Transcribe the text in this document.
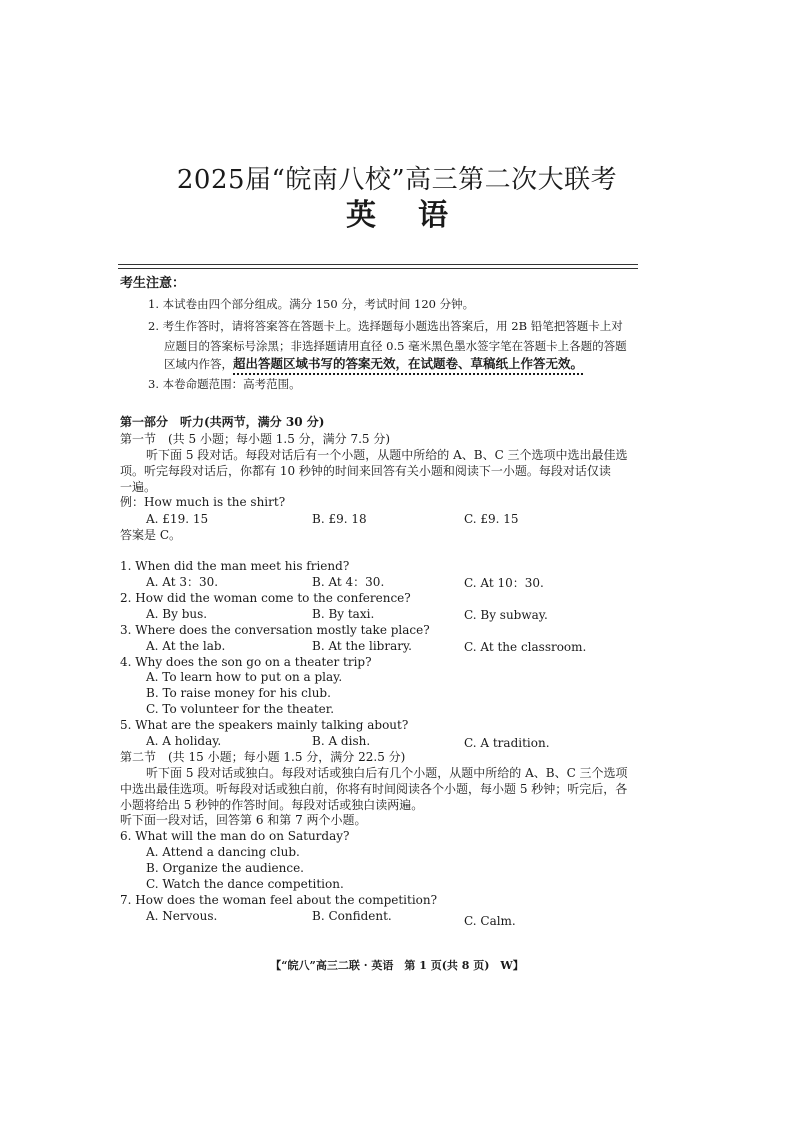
2025届“皖南八校”高三第二次大联考
英语
考生注意：
1. 本试卷由四个部分组成。满分 150 分，考试时间 120 分钟。
2. 考生作答时，请将答案答在答题卡上。选择题每小题选出答案后，用 2B 铅笔把答题卡上对
应题目的答案标号涂黑；非选择题请用直径 0.5 毫米黑色墨水签字笔在答题卡上各题的答题
区域内作答，超出答题区域书写的答案无效，在试题卷、草稿纸上作答无效。
3. 本卷命题范围：高考范围。
第一部分　听力(共两节，满分 30 分)
第一节　(共 5 小题；每小题 1.5 分，满分 7.5 分)
听下面 5 段对话。每段对话后有一个小题，从题中所给的 A、B、C 三个选项中选出最佳选
项。听完每段对话后，你都有 10 秒钟的时间来回答有关小题和阅读下一小题。每段对话仅读
一遍。
例：How much is the shirt?
A. £19. 15	B. £9. 18	C. £9. 15
答案是 C。
1. When did the man meet his friend?
A. At 3：30.	B. At 4：30.	C. At 10：30.
2. How did the woman come to the conference?
A. By bus.	B. By taxi.	C. By subway.
3. Where does the conversation mostly take place?
A. At the lab.	B. At the library.	C. At the classroom.
4. Why does the son go on a theater trip?
A. To learn how to put on a play.
B. To raise money for his club.
C. To volunteer for the theater.
5. What are the speakers mainly talking about?
A. A holiday.	B. A dish.	C. A tradition.
第二节　(共 15 小题；每小题 1.5 分，满分 22.5 分)
听下面 5 段对话或独白。每段对话或独白后有几个小题，从题中所给的 A、B、C 三个选项
中选出最佳选项。听每段对话或独白前，你将有时间阅读各个小题，每小题 5 秒钟；听完后，各
小题将给出 5 秒钟的作答时间。每段对话或独白读两遍。
听下面一段对话，回答第 6 和第 7 两个小题。
6. What will the man do on Saturday?
A. Attend a dancing club.
B. Organize the audience.
C. Watch the dance competition.
7. How does the woman feel about the competition?
A. Nervous.	B. Confident.	C. Calm.
【“皖八”高三二联 · 英语　第 1 页(共 8 页)　W】
